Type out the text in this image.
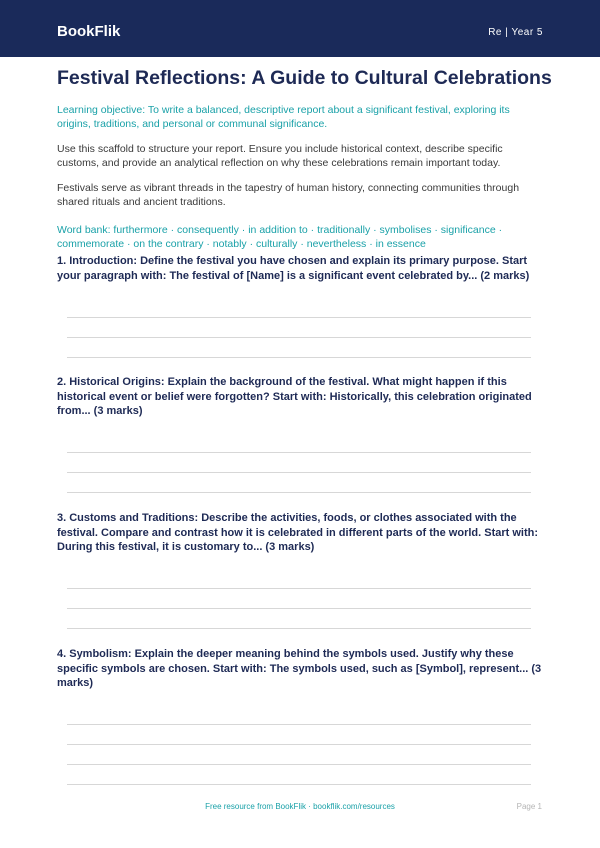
BookFlik	Re | Year 5
Festival Reflections: A Guide to Cultural Celebrations

Learning objective: To write a balanced, descriptive report about a significant festival, exploring its origins, traditions, and personal or communal significance.

Use this scaffold to structure your report. Ensure you include historical context, describe specific customs, and provide an analytical reflection on why these celebrations remain important today.

Festivals serve as vibrant threads in the tapestry of human history, connecting communities through shared rituals and ancient traditions.

Word bank: furthermore · consequently · in addition to · traditionally · symbolises · significance · commemorate · on the contrary · notably · culturally · nevertheless · in essence

1. Introduction: Define the festival you have chosen and explain its primary purpose. Start your paragraph with: The festival of [Name] is a significant event celebrated by... (2 marks)

2. Historical Origins: Explain the background of the festival. What might happen if this historical event or belief were forgotten? Start with: Historically, this celebration originated from... (3 marks)

3. Customs and Traditions: Describe the activities, foods, or clothes associated with the festival. Compare and contrast how it is celebrated in different parts of the world. Start with: During this festival, it is customary to... (3 marks)

4. Symbolism: Explain the deeper meaning behind the symbols used. Justify why these specific symbols are chosen. Start with: The symbols used, such as [Symbol], represent... (3 marks)

Free resource from BookFlik · bookflik.com/resources	Page 1
